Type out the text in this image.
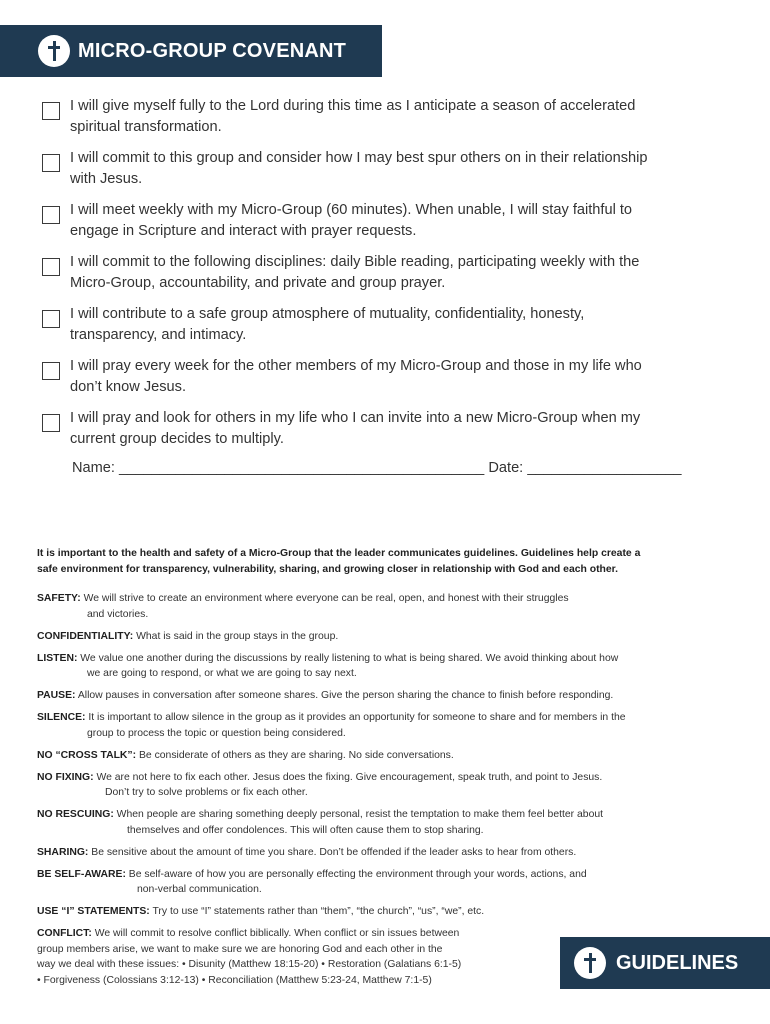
MICRO-GROUP COVENANT
I will give myself fully to the Lord during this time as I anticipate a season of accelerated
spiritual transformation.
I will commit to this group and consider how I may best spur others on in their relationship
with Jesus.
I will meet weekly with my Micro-Group (60 minutes). When unable, I will stay faithful to
engage in Scripture and interact with prayer requests.
I will commit to the following disciplines: daily Bible reading, participating weekly with the
Micro-Group, accountability, and private and group prayer.
I will contribute to a safe group atmosphere of mutuality, confidentiality, honesty,
transparency, and intimacy.
I will pray every week for the other members of my Micro-Group and those in my life who
don’t know Jesus.
I will pray and look for others in my life who I can invite into a new Micro-Group when my
current group decides to multiply.
Name: _____________________________________________ Date: ___________________
It is important to the health and safety of a Micro-Group that the leader communicates guidelines. Guidelines help create a
safe environment for transparency, vulnerability, sharing, and growing closer in relationship with God and each other.
SAFETY: We will strive to create an environment where everyone can be real, open, and honest with their struggles
and victories.
CONFIDENTIALITY: What is said in the group stays in the group.
LISTEN: We value one another during the discussions by really listening to what is being shared. We avoid thinking about how
we are going to respond, or what we are going to say next.
PAUSE: Allow pauses in conversation after someone shares. Give the person sharing the chance to finish before responding.
SILENCE: It is important to allow silence in the group as it provides an opportunity for someone to share and for members in the
group to process the topic or question being considered.
NO “CROSS TALK”: Be considerate of others as they are sharing. No side conversations.
NO FIXING: We are not here to fix each other. Jesus does the fixing. Give encouragement, speak truth, and point to Jesus.
Don’t try to solve problems or fix each other.
NO RESCUING: When people are sharing something deeply personal, resist the temptation to make them feel better about
themselves and offer condolences. This will often cause them to stop sharing.
SHARING: Be sensitive about the amount of time you share. Don’t be offended if the leader asks to hear from others.
BE SELF-AWARE: Be self-aware of how you are personally effecting the environment through your words, actions, and
non-verbal communication.
USE “I” STATEMENTS: Try to use “I” statements rather than “them”, “the church”, “us”, “we”, etc.
CONFLICT: We will commit to resolve conflict biblically. When conflict or sin issues between
group members arise, we want to make sure we are honoring God and each other in the
way we deal with these issues: • Disunity (Matthew 18:15-20) • Restoration (Galatians 6:1-5)
• Forgiveness (Colossians 3:12-13) • Reconciliation (Matthew 5:23-24, Matthew 7:1-5)
GUIDELINES
